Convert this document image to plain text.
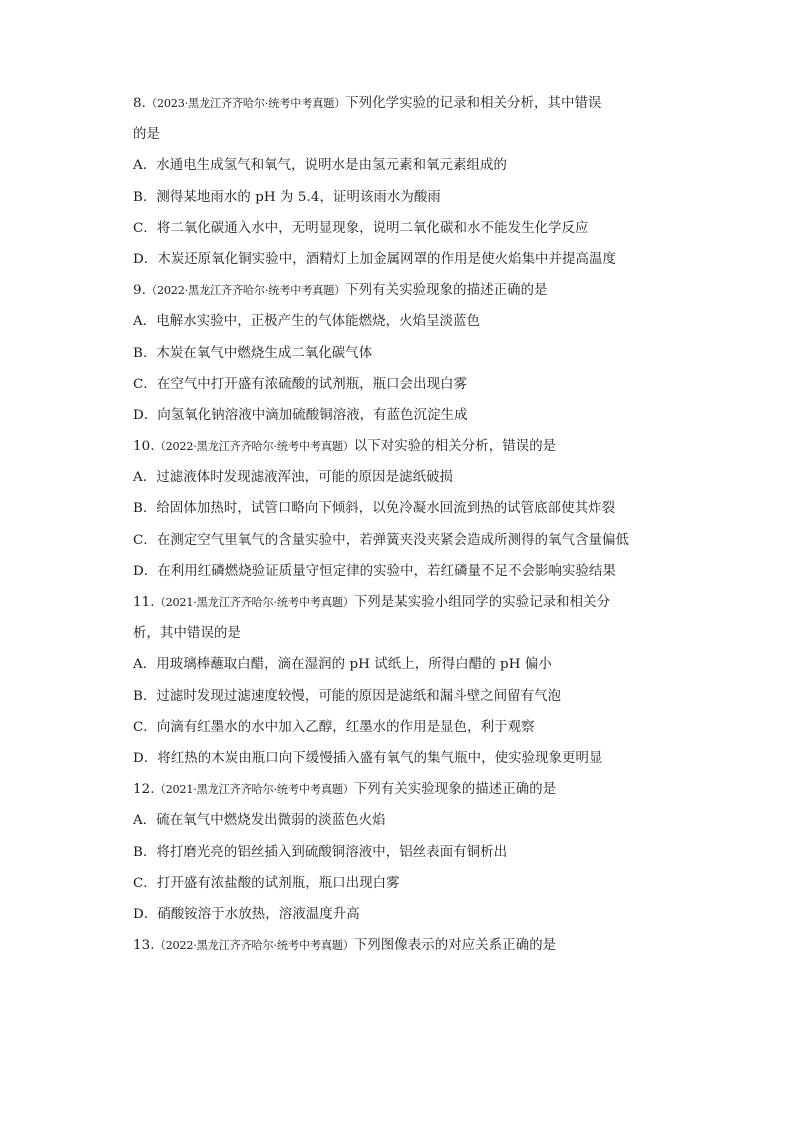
8.（2023·黑龙江齐齐哈尔·统考中考真题）下列化学实验的记录和相关分析，其中错误
的是
A．水通电生成氢气和氧气，说明水是由氢元素和氧元素组成的
B．测得某地雨水的 pH 为 5.4，证明该雨水为酸雨
C．将二氧化碳通入水中，无明显现象，说明二氧化碳和水不能发生化学反应
D．木炭还原氧化铜实验中，酒精灯上加金属网罩的作用是使火焰集中并提高温度
9.（2022·黑龙江齐齐哈尔·统考中考真题）下列有关实验现象的描述正确的是
A．电解水实验中，正极产生的气体能燃烧，火焰呈淡蓝色
B．木炭在氧气中燃烧生成二氧化碳气体
C．在空气中打开盛有浓硫酸的试剂瓶，瓶口会出现白雾
D．向氢氧化钠溶液中滴加硫酸铜溶液，有蓝色沉淀生成
10.（2022·黑龙江齐齐哈尔·统考中考真题）以下对实验的相关分析，错误的是
A．过滤液体时发现滤液浑浊，可能的原因是滤纸破损
B．给固体加热时，试管口略向下倾斜，以免冷凝水回流到热的试管底部使其炸裂
C．在测定空气里氧气的含量实验中，若弹簧夹没夹紧会造成所测得的氧气含量偏低
D．在利用红磷燃烧验证质量守恒定律的实验中，若红磷量不足不会影响实验结果
11.（2021·黑龙江齐齐哈尔·统考中考真题）下列是某实验小组同学的实验记录和相关分
析，其中错误的是
A．用玻璃棒蘸取白醋，滴在湿润的 pH 试纸上，所得白醋的 pH 偏小
B．过滤时发现过滤速度较慢，可能的原因是滤纸和漏斗壁之间留有气泡
C．向滴有红墨水的水中加入乙醇，红墨水的作用是显色，利于观察
D．将红热的木炭由瓶口向下缓慢插入盛有氧气的集气瓶中，使实验现象更明显
12.（2021·黑龙江齐齐哈尔·统考中考真题）下列有关实验现象的描述正确的是
A．硫在氧气中燃烧发出微弱的淡蓝色火焰
B．将打磨光亮的铝丝插入到硫酸铜溶液中，铝丝表面有铜析出
C．打开盛有浓盐酸的试剂瓶，瓶口出现白雾
D．硝酸铵溶于水放热，溶液温度升高
13.（2022·黑龙江齐齐哈尔·统考中考真题）下列图像表示的对应关系正确的是
